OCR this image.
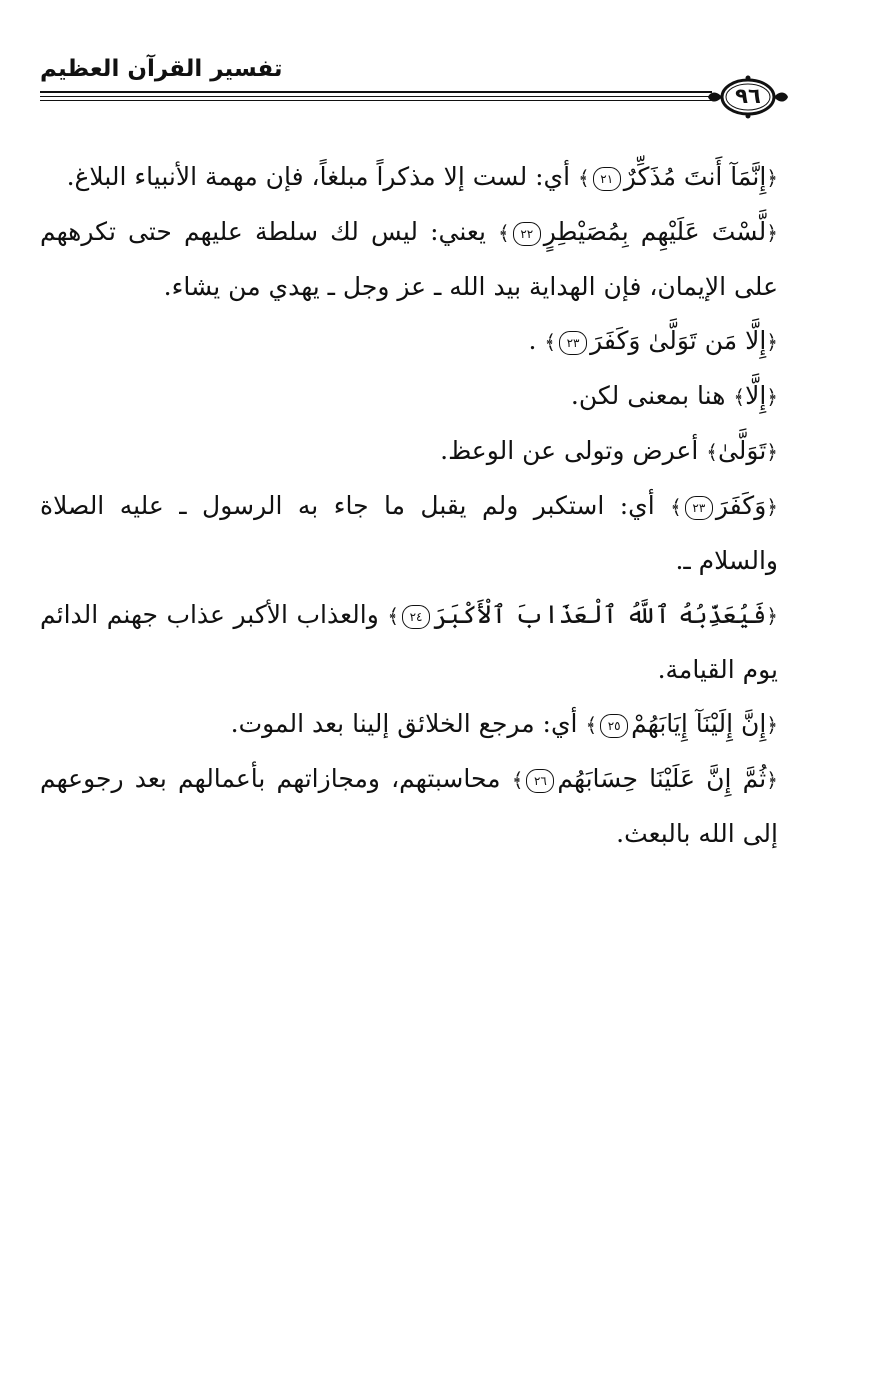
تفسير القرآن العظيم
٩٦

﴿إِنَّمَآ أَنتَ مُذَكِّرٌ٢١﴾ أي: لست إلا مذكراً مبلغاً، فإن مهمة الأنبياء البلاغ.

﴿لَّسْتَ عَلَيْهِم بِمُصَيْطِرٍ٢٢﴾ يعني: ليس لك سلطة عليهم حتى تكرههم على الإيمان، فإن الهداية بيد الله ـ عز وجل ـ يهدي من يشاء.

﴿إِلَّا مَن تَوَلَّىٰ وَكَفَرَ٢٣﴾ .

﴿إِلَّا﴾ هنا بمعنى لكن.

﴿تَوَلَّىٰ﴾ أعرض وتولى عن الوعظ.

﴿وَكَفَرَ٢٣﴾ أي: استكبر ولم يقبل ما جاء به الرسول ـ عليه الصلاة والسلام ـ.

﴿فَيُعَذِّبُهُ ٱللَّهُ ٱلْعَذَابَ ٱلْأَكْبَرَ٢٤﴾ والعذاب الأكبر عذاب جهنم الدائم يوم القيامة.

﴿إِنَّ إِلَيْنَآ إِيَابَهُمْ٢٥﴾ أي: مرجع الخلائق إلينا بعد الموت.

﴿ثُمَّ إِنَّ عَلَيْنَا حِسَابَهُم٢٦﴾ محاسبتهم، ومجازاتهم بأعمالهم بعد رجوعهم إلى الله بالبعث.
